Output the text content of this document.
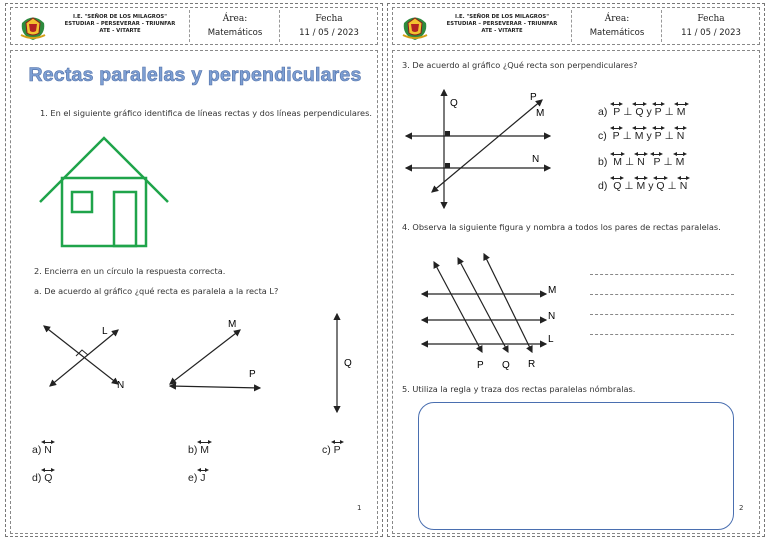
I.E. "SEÑOR DE LOS MILAGROS"
ESTUDIAR – PERSEVERAR - TRIUNFAR
ATE - VITARTE
Área:
Matemáticos
Fecha
11 / 05 / 2023
Rectas paralelas y perpendiculares
1. En el siguiente gráfico identifica de líneas rectas y dos líneas perpendiculares.
2. Encierra en un círculo la respuesta correcta.
a. De acuerdo al gráfico ¿qué recta es paralela a la recta L?
L
N
M
P
Q
a) N	b) M	c) P
d) Q	e) J
1
I.E. "SEÑOR DE LOS MILAGROS"
ESTUDIAR – PERSEVERAR - TRIUNFAR
ATE - VITARTE
Área:
Matemáticos
Fecha
11 / 05 / 2023
3. De acuerdo al gráfico ¿Qué recta son perpendiculares?
Q
P
M
N
a) P ⊥ Q y P ⊥ M
c) P ⊥ M y P ⊥ N
b) M ⊥ N P ⊥ M
d) Q ⊥ M y Q ⊥ N
4. Observa la siguiente figura y nombra a todos los pares de rectas paralelas.
M
N
L
P Q R
5. Utiliza la regla y traza dos rectas paralelas nómbralas.
2
